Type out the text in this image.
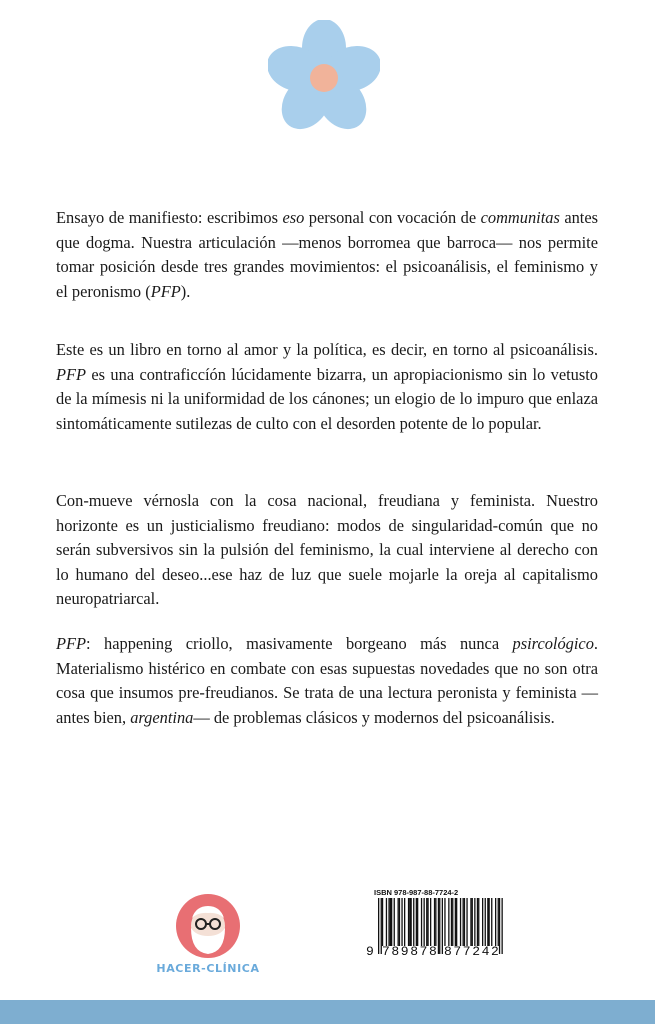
Ensayo de manifiesto: escribimos eso personal con vocación de communitas antes que dogma. Nuestra articulación —menos borromea que barroca— nos permite tomar posición desde tres grandes movimientos: el psicoanálisis, el feminismo y el peronismo (PFP).

Este es un libro en torno al amor y la política, es decir, en torno al psicoanálisis. PFP es una contraficcíón lúcidamente bizarra, un apropiacionismo sin lo vetusto de la mímesis ni la uniformidad de los cánones; un elogio de lo impuro que enlaza sintomáticamente sutilezas de culto con el desorden potente de lo popular.

Con-mueve vérnosla con la cosa nacional, freudiana y feminista. Nuestro horizonte es un justicialismo freudiano: modos de singularidad-común que no serán subversivos sin la pulsión del feminismo, la cual interviene al derecho con lo humano del deseo...ese haz de luz que suele mojarle la oreja al capitalismo neuropatriarcal.

PFP: happening criollo, masivamente borgeano más nunca psircológico. Materialismo histérico en combate con esas supuestas novedades que no son otra cosa que insumos pre-freudianos. Se trata de una lectura peronista y feminista —antes bien, argentina— de problemas clásicos y modernos del psicoanálisis.

HACER-CLÍNICA
ISBN 978-987-88-7724-2
9 789878 877242
